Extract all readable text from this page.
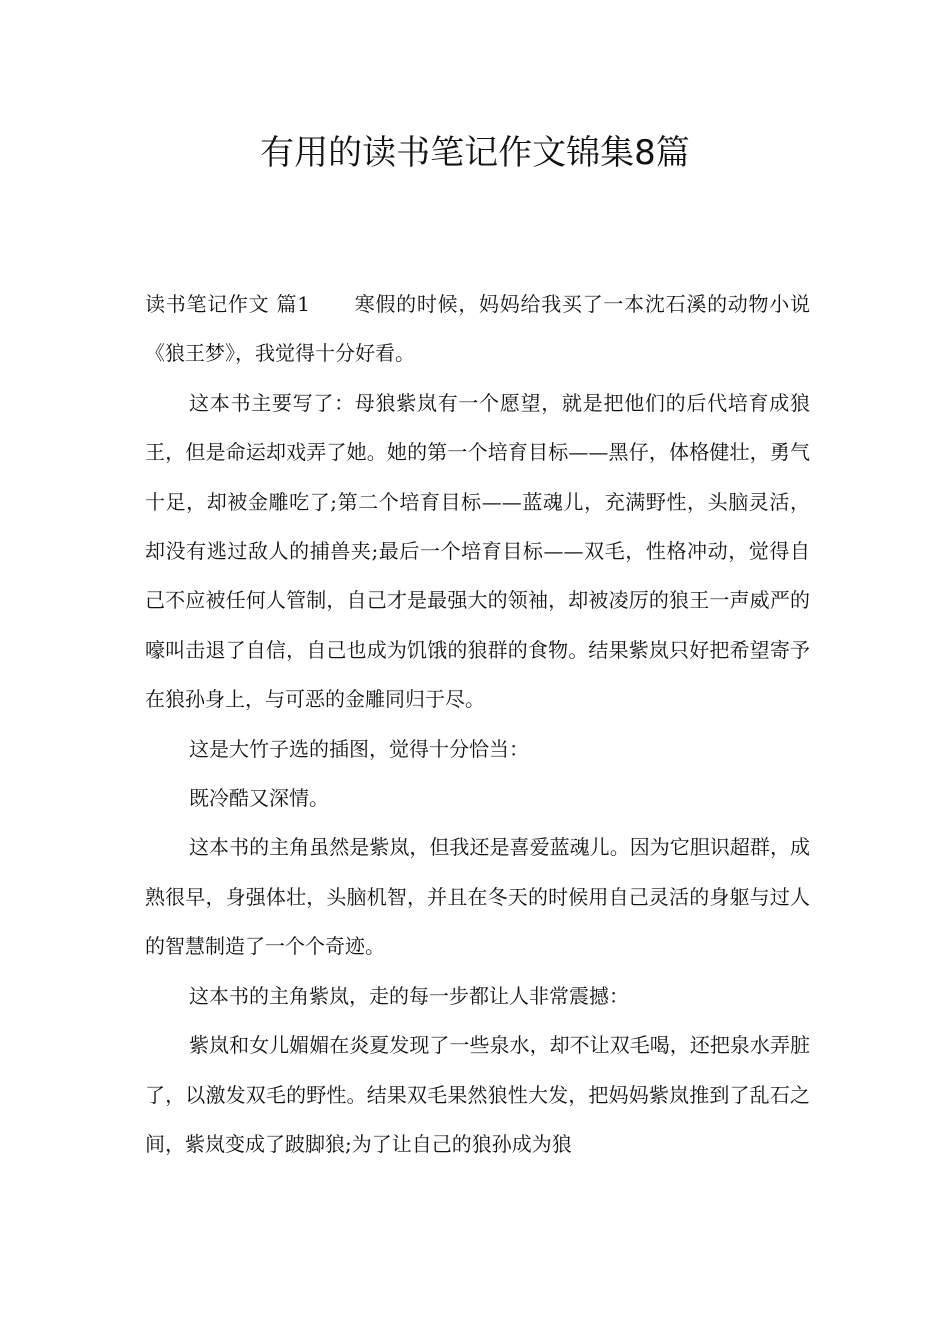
有用的读书笔记作文锦集8篇

读书笔记作文 篇1 寒假的时候，妈妈给我买了一本沈石溪的动物小说《狼王梦》，我觉得十分好看。

这本书主要写了：母狼紫岚有一个愿望，就是把他们的后代培育成狼王，但是命运却戏弄了她。她的第一个培育目标——黑仔，体格健壮，勇气十足，却被金雕吃了;第二个培育目标——蓝魂儿，充满野性，头脑灵活，却没有逃过敌人的捕兽夹;最后一个培育目标——双毛，性格冲动，觉得自己不应被任何人管制，自己才是最强大的领袖，却被凌厉的狼王一声威严的嚎叫击退了自信，自己也成为饥饿的狼群的食物。结果紫岚只好把希望寄予在狼孙身上，与可恶的金雕同归于尽。

这是大竹子选的插图，觉得十分恰当：

既冷酷又深情。

这本书的主角虽然是紫岚，但我还是喜爱蓝魂儿。因为它胆识超群，成熟很早，身强体壮，头脑机智，并且在冬天的时候用自己灵活的身躯与过人的智慧制造了一个个奇迹。

这本书的主角紫岚，走的每一步都让人非常震撼：

紫岚和女儿媚媚在炎夏发现了一些泉水，却不让双毛喝，还把泉水弄脏了，以激发双毛的野性。结果双毛果然狼性大发，把妈妈紫岚推到了乱石之间，紫岚变成了跛脚狼;为了让自己的狼孙成为狼
